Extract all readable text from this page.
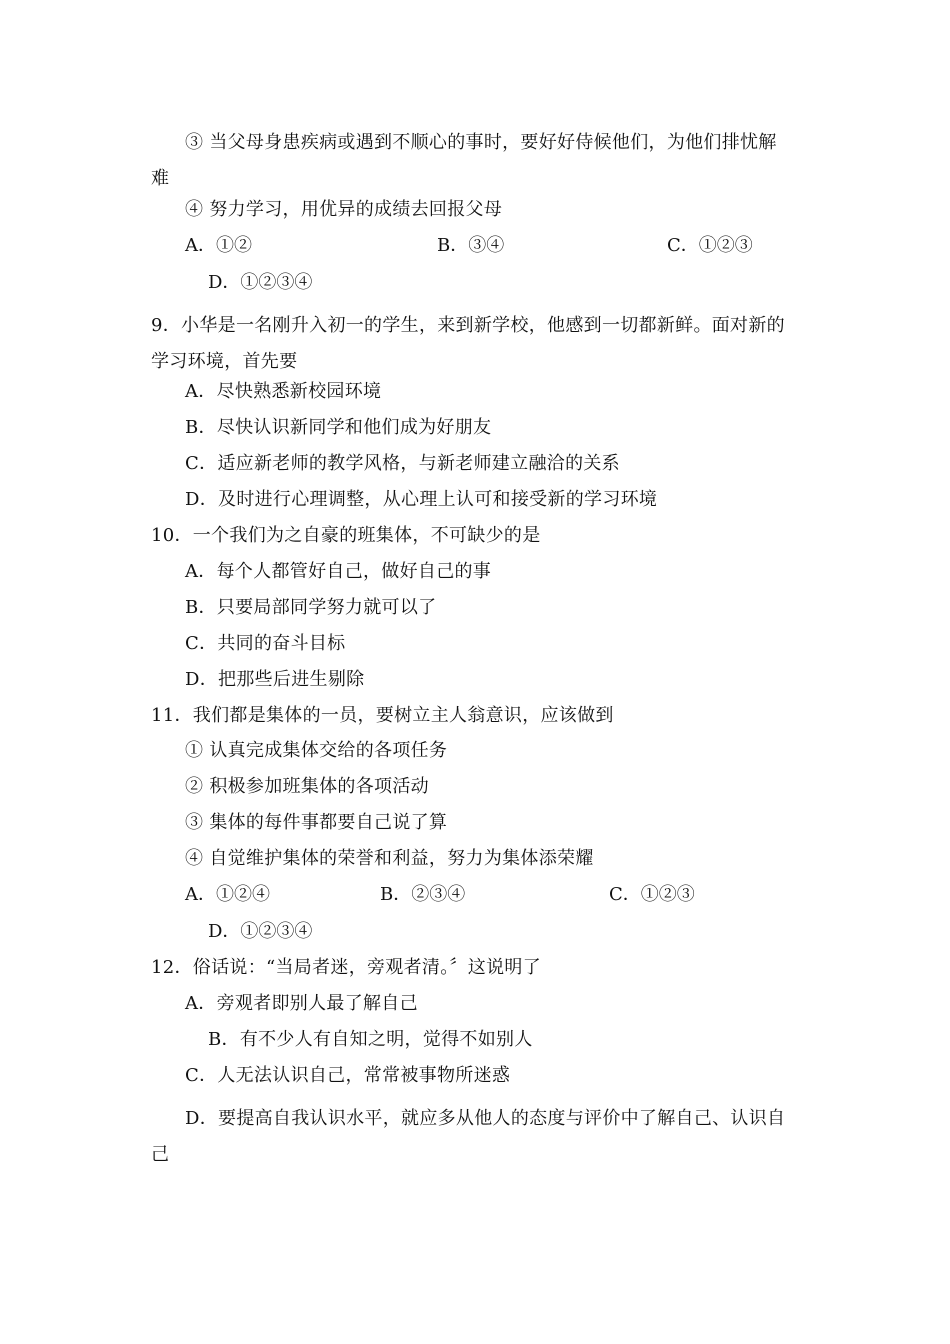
③ 当父母身患疾病或遇到不顺心的事时，要好好侍候他们，为他们排忧解难
④ 努力学习，用优异的成绩去回报父母
A．①②	B．③④	C．①②③
D．①②③④
9．小华是一名刚升入初一的学生，来到新学校，他感到一切都新鲜。面对新的学习环境，首先要
A．尽快熟悉新校园环境
B．尽快认识新同学和他们成为好朋友
C．适应新老师的教学风格，与新老师建立融洽的关系
D．及时进行心理调整，从心理上认可和接受新的学习环境
10．一个我们为之自豪的班集体，不可缺少的是
A．每个人都管好自己，做好自己的事
B．只要局部同学努力就可以了
C．共同的奋斗目标
D．把那些后进生剔除
11．我们都是集体的一员，要树立主人翁意识，应该做到
① 认真完成集体交给的各项任务
② 积极参加班集体的各项活动
③ 集体的每件事都要自己说了算
④ 自觉维护集体的荣誉和利益，努力为集体添荣耀
A．①②④	B．②③④	C．①②③
D．①②③④
12．俗话说：“当局者迷，旁观者清。〞这说明了
A．旁观者即别人最了解自己
B．有不少人有自知之明，觉得不如别人
C．人无法认识自己，常常被事物所迷惑
D．要提高自我认识水平，就应多从他人的态度与评价中了解自己、认识自己
